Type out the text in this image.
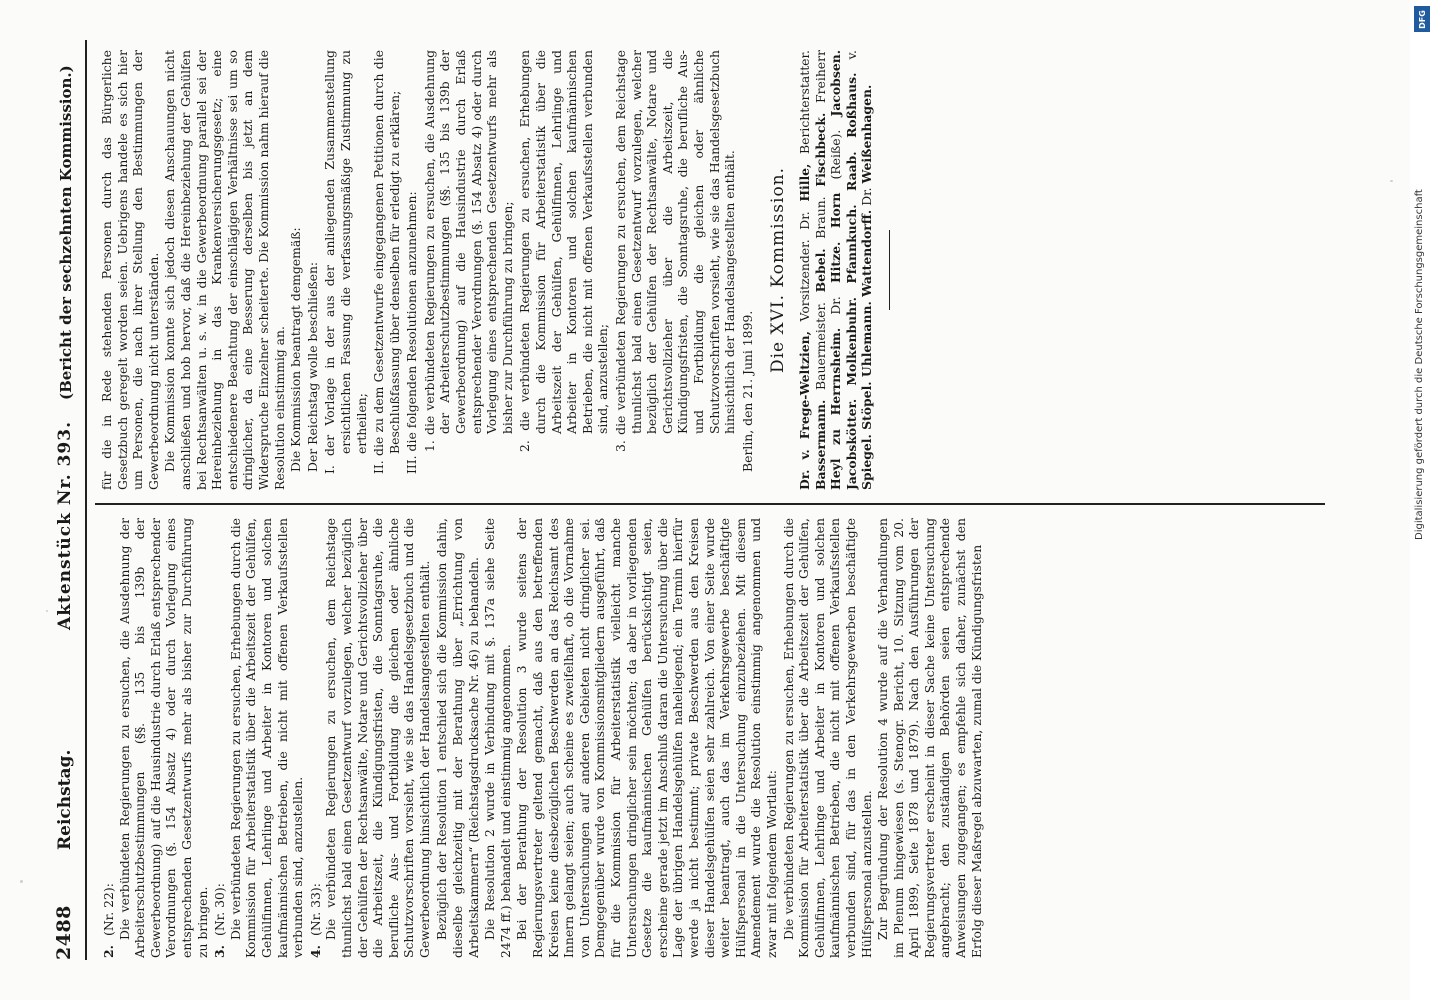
2488
Reichstag.
Aktenstück Nr. 393.
(Bericht der sechzehnten Kommission.)
2.(Nr. 22): Die verbündeten Regierungen zu ersuchen, die Ausdehnung der Arbeiterschutzbestimmungen (§§. 135 bis 139b der Gewerbeordnung) auf die Hausindustrie durch Erlaß entsprechender Verordnungen (§. 154 Absatz 4) oder durch Vorlegung eines entsprechenden Gesetzentwurfs mehr als bisher zur Durchführung zu bringen. 3.(Nr. 30): Die verbündeten Regierungen zu ersuchen, Erhebungen durch die Kommission für Arbeiterstatistik über die Arbeitszeit der Gehülfen, Gehülfinnen, Lehrlinge und Arbeiter in Kontoren und solchen kaufmännischen Betrieben, die nicht mit offenen Verkaufsstellen verbunden sind, anzustellen. 4.(Nr. 33): Die verbündeten Regierungen zu ersuchen, dem Reichstage thunlichst bald einen Gesetzentwurf vorzulegen, welcher bezüglich der Gehülfen der Rechtsanwälte, Notare und Gerichtsvollzieher über die Arbeitszeit, die Kündigungsfristen, die Sonntagsruhe, die berufliche Aus- und Fortbildung die gleichen oder ähnliche Schutzvorschriften vorsieht, wie sie das Handelsgesetzbuch und die Gewerbeordnung hinsichtlich der Handelsangestellten enthält. Bezüglich der Resolution 1 entschied sich die Kommission dahin, dieselbe gleichzeitig mit der Berathung über „Errichtung von Arbeitskammern“ (Reichstagsdrucksache Nr. 46) zu behandeln. Die Resolution 2 wurde in Verbindung mit §. 137a siehe Seite 2474 ff.) behandelt und einstimmig angenommen. Bei der Berathung der Resolution 3 wurde seitens der Regierungsvertreter geltend gemacht, daß aus den betreffenden Kreisen keine diesbezüglichen Beschwerden an das Reichsamt des Innern gelangt seien; auch scheine es zweifelhaft, ob die Vornahme von Untersuchungen auf anderen Gebieten nicht dringlicher sei. Demgegenüber wurde von Kommissionsmitgliedern ausgeführt, daß für die Kommission für Arbeiterstatistik vielleicht manche Untersuchungen dringlicher sein möchten; da aber in vorliegenden Gesetze die kaufmännischen Gehülfen berücksichtigt seien, erscheine gerade jetzt im Anschluß daran die Untersuchung über die Lage der übrigen Handelsgehülfen naheliegend; ein Termin hierfür werde ja nicht bestimmt; private Beschwerden aus den Kreisen dieser Handelsgehülfen seien sehr zahlreich. Von einer Seite wurde weiter beantragt, auch das im Verkehrsgewerbe beschäftigte Hülfspersonal in die Untersuchung einzubeziehen. Mit diesem Amendement wurde die Resolution einstimmig angenommen und zwar mit folgendem Wortlaut: Die verbündeten Regierungen zu ersuchen, Erhebungen durch die Kommission für Arbeiterstatistik über die Arbeitszeit der Gehülfen, Gehülfinnen, Lehrlinge und Arbeiter in Kontoren und solchen kaufmännischen Betrieben, die nicht mit offenen Verkaufsstellen verbunden sind, für das in den Verkehrsgewerben beschäftigte Hülfspersonal anzustellen. Zur Begründung der Resolution 4 wurde auf die Verhandlungen im Plenum hingewiesen (s. Stenogr. Bericht, 10. Sitzung vom 20. April 1899, Seite 1878 und 1879). Nach den Ausführungen der Regierungsvertreter erscheint in dieser Sache keine Untersuchung angebracht; den zuständigen Behörden seien entsprechende Anweisungen zugegangen; es empfehle sich daher, zunächst den Erfolg dieser Maßregel abzuwarten, zumal die Kündigungsfristen

für die in Rede stehenden Personen durch das Bürgerliche Gesetzbuch geregelt worden seien. Uebrigens handele es sich hier um Personen, die nach ihrer Stellung den Bestimmungen der Gewerbeordnung nicht unterständen. Die Kommission konnte sich jedoch diesen Anschauungen nicht anschließen und hob hervor, daß die Hereinbeziehung der Gehülfen bei Rechtsanwälten u. s. w. in die Gewerbeordnung parallel sei der Hereinbeziehung in das Krankenversicherungsgesetz; eine entschiedenere Beachtung der einschlägigen Verhältnisse sei um so dringlicher, da eine Besserung derselben bis jetzt an dem Widerspruche Einzelner scheiterte. Die Kommission nahm hierauf die Resolution einstimmig an. Die Kommission beantragt demgemäß: Der Reichstag wolle beschließen: I. der Vorlage in der aus der anliegenden Zusammenstellung ersichtlichen Fassung die verfassungsmäßige Zustimmung zu ertheilen; II. die zu dem Gesetzentwurfe eingegangenen Petitionen durch die Beschlußfassung über denselben für erledigt zu erklären; III. die folgenden Resolutionen anzunehmen: 1. die verbündeten Regierungen zu ersuchen, die Ausdehnung der Arbeiterschutzbestimmungen (§§. 135 bis 139b der Gewerbeordnung) auf die Hausindustrie durch Erlaß entsprechender Verordnungen (§. 154 Absatz 4) oder durch Vorlegung eines entsprechenden Gesetzentwurfs mehr als bisher zur Durchführung zu bringen; 2. die verbündeten Regierungen zu ersuchen, Erhebungen durch die Kommission für Arbeiterstatistik über die Arbeitszeit der Gehülfen, Gehülfinnen, Lehrlinge und Arbeiter in Kontoren und solchen kaufmännischen Betrieben, die nicht mit offenen Verkaufsstellen verbunden sind, anzustellen; 3. die verbündeten Regierungen zu ersuchen, dem Reichstage thunlichst bald einen Gesetzentwurf vorzulegen, welcher bezüglich der Gehülfen der Rechtsanwälte, Notare und Gerichtsvollzieher über die Arbeitszeit, die Kündigungsfristen, die Sonntagsruhe, die berufliche Aus- und Fortbildung die gleichen oder ähnliche Schutzvorschriften vorsieht, wie sie das Handelsgesetzbuch hinsichtlich der Handelsangestellten enthält. Berlin, den 21. Juni 1899.

Die XVI. Kommission.

Dr. v. Frege-Weltzien, Vorsitzender. Dr. Hille, Berichterstatter. Bassermann. Bauermeister. Bebel. Braun. Fischbeck. Freiherr Heyl zu Herrnsheim. Dr. Hitze. Horn (Reiße). Jacobsen. Jacobskötter. Molkenbuhr. Pfannkuch. Raab. Roßhaus. v. Spiegel. Stöpel. Uhlemann. Wattendorff. Dr. Weißenhagen.

DFG
Digitalisierung gefördert durch die Deutsche Forschungsgemeinschaft
